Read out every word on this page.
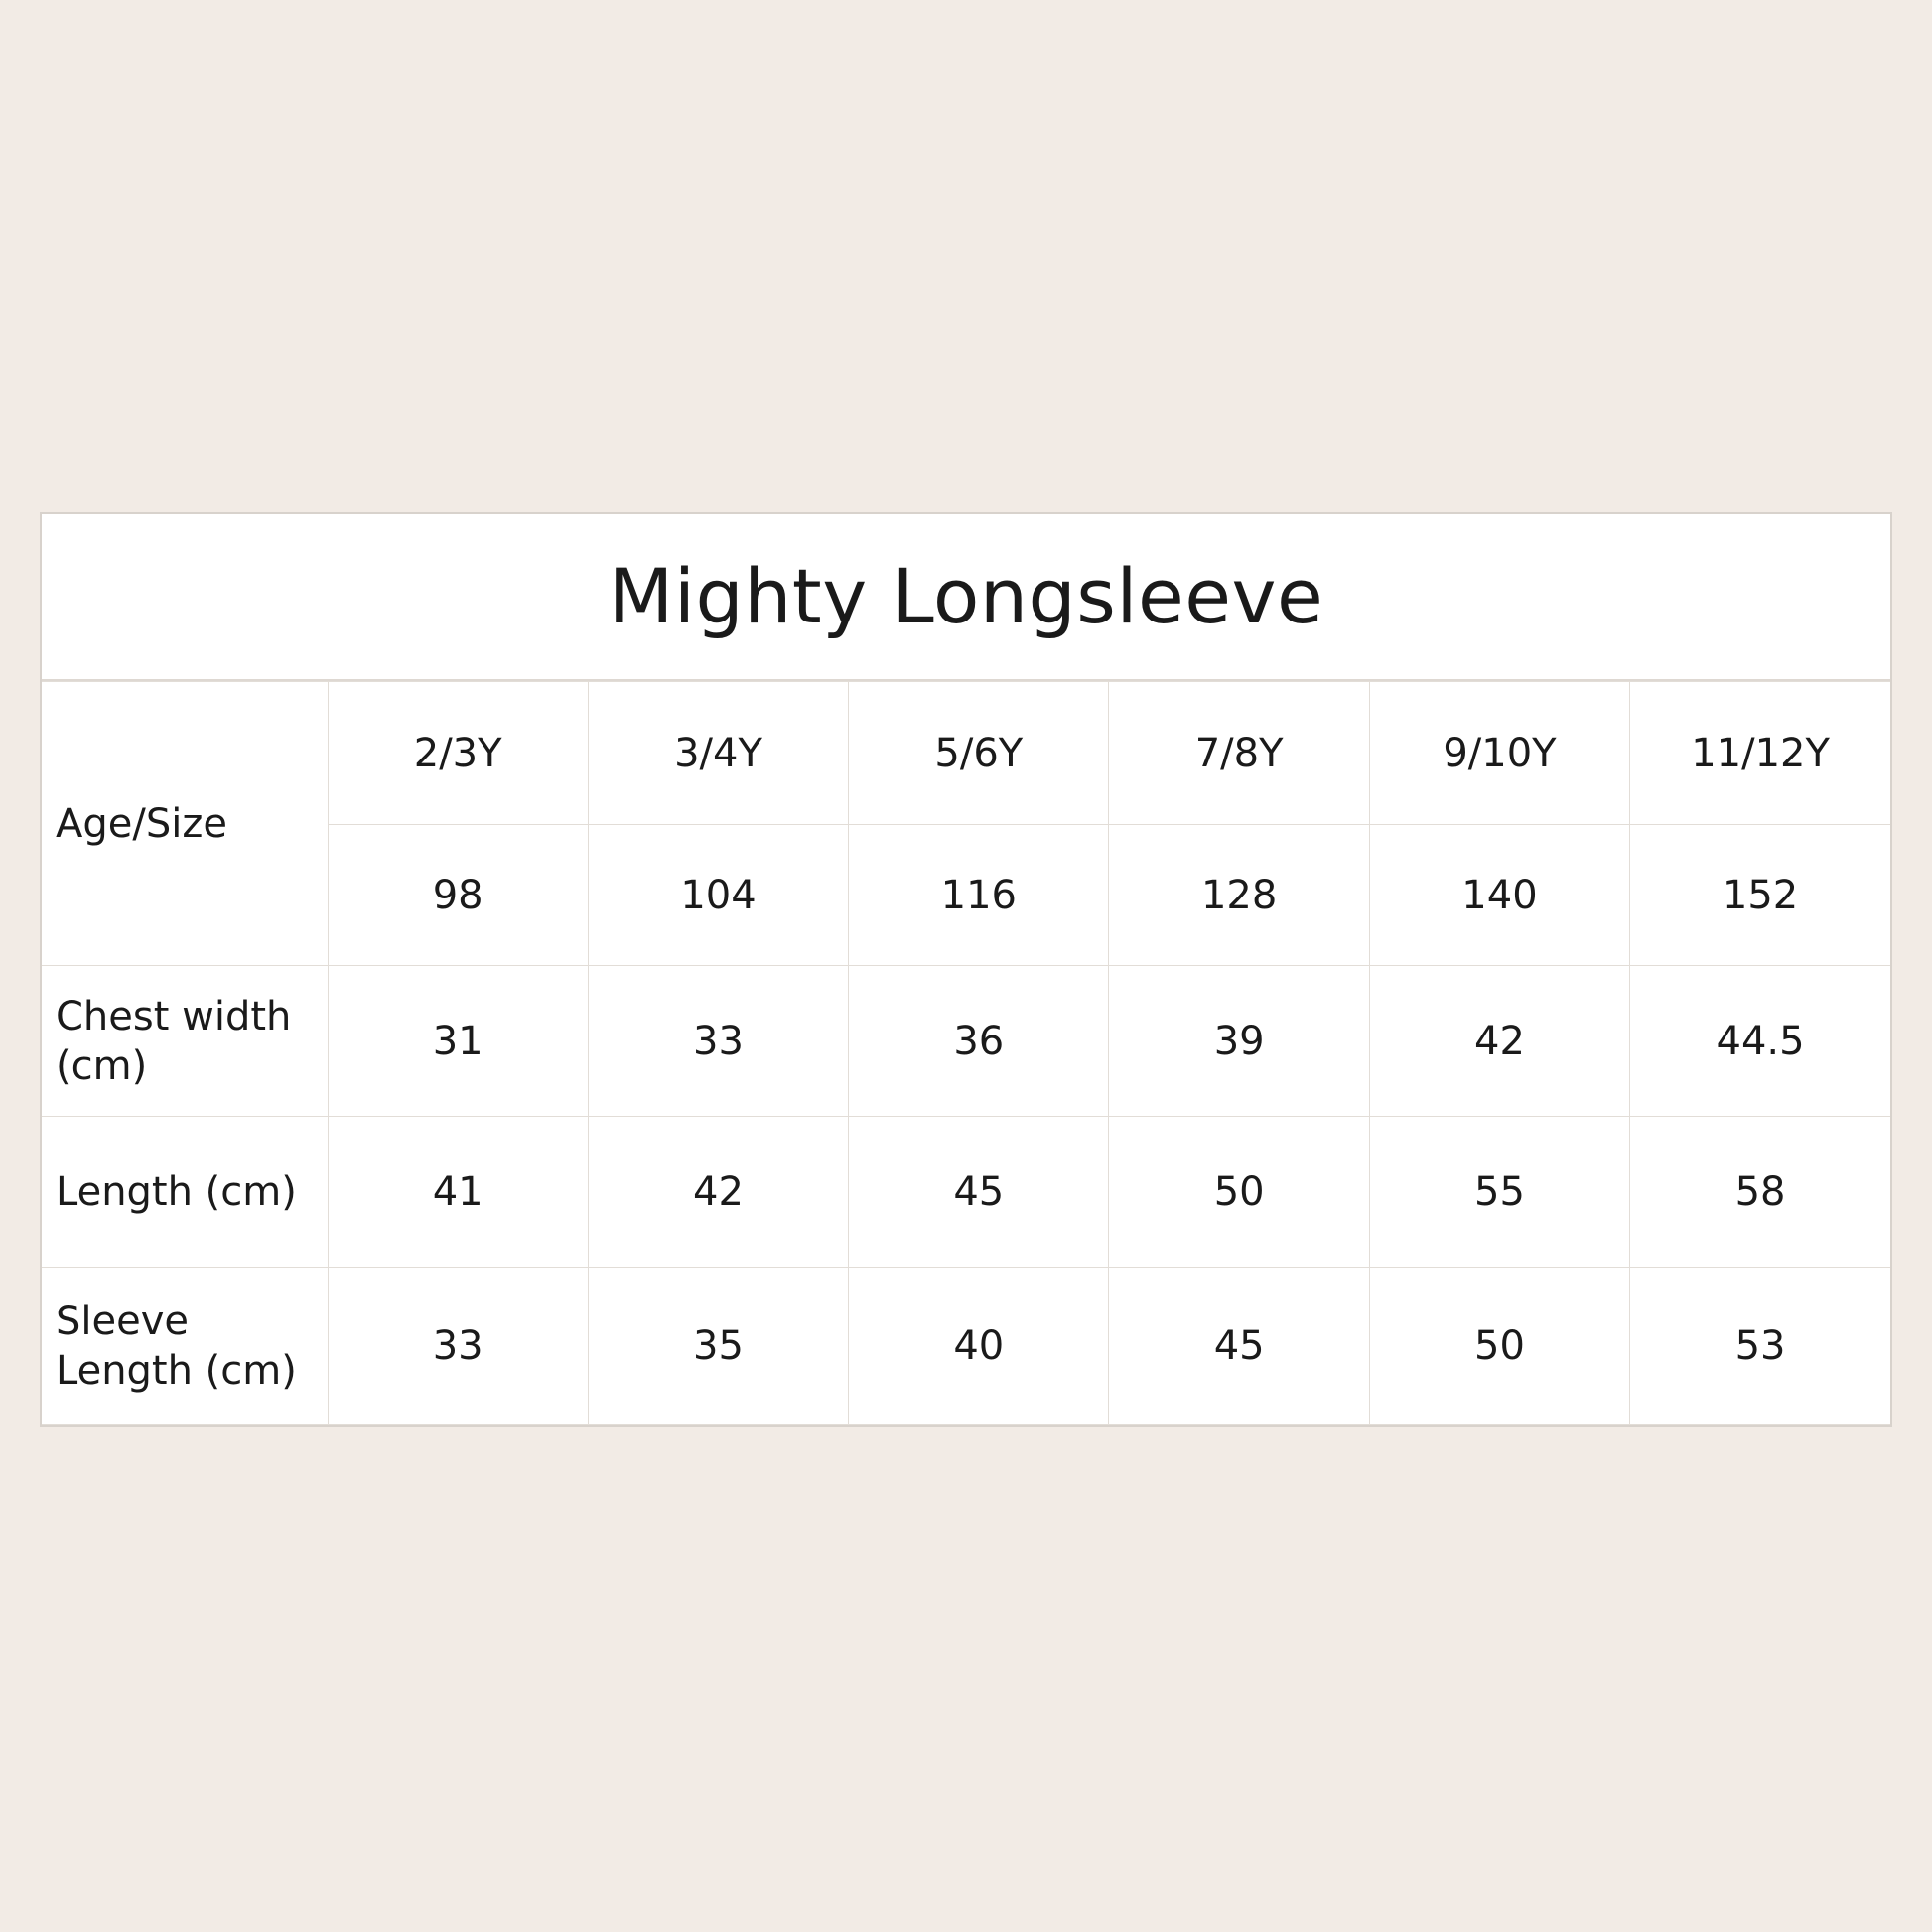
Mighty Longsleeve
Age/Size	2/3Y	3/4Y	5/6Y	7/8Y	9/10Y	11/12Y
	98	104	116	128	140	152
Chest width (cm)	31	33	36	39	42	44.5
Length (cm)	41	42	45	50	55	58
Sleeve Length (cm)	33	35	40	45	50	53
